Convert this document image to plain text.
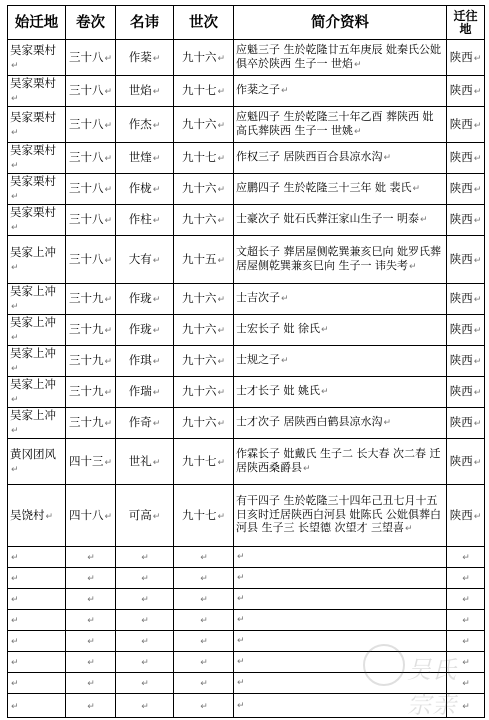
始迁地	卷次	名讳	世次	简介资料	迁往地
吴家栗村↵	三十八↵	作棻↵	九十六↵	应魁三子 生於乾隆廿五年庚辰 妣秦氏公妣俱卒於陕西 生子一 世焰↵	陕西↵
吴家栗村↵	三十八↵	世焰↵	九十七↵	作棻之子↵	陕西↵
吴家栗村↵	三十八↵	作杰↵	九十六↵	应魁四子 生於乾隆三十年乙酉 葬陕西 妣高氏葬陕西 生子一 世姚↵	陕西↵
吴家栗村↵	三十八↵	世煃↵	九十七↵	作权三子 居陕西百合县凉水沟↵	陕西↵
吴家栗村↵	三十八↵	作栊↵	九十六↵	应鹏四子 生於乾隆三十三年 妣 裴氏↵	陕西↵
吴家栗村↵	三十八↵	作柱↵	九十六↵	士豪次子 妣石氏葬汪家山生子一 明泰↵	陕西↵
吴家上冲↵	三十八↵	大有↵	九十五↵	文超长子 葬居屋侧乾巽兼亥巳向 妣罗氏葬居屋侧乾巽兼亥巳向 生子一 讳失考↵	陕西↵
吴家上冲↵	三十九↵	作珑↵	九十六↵	士吉次子↵	陕西↵
吴家上冲↵	三十九↵	作珑↵	九十六↵	士宏长子 妣 徐氏↵	陕西↵
吴家上冲↵	三十九↵	作琪↵	九十六↵	士规之子↵	陕西↵
吴家上冲↵	三十九↵	作瑞↵	九十六↵	士才长子 妣 姚氏↵	陕西↵
吴家上冲↵	三十九↵	作奇↵	九十六↵	士才次子 居陕西白鹤县凉水沟↵	陕西↵
黄冈团风↵	四十三↵	世礼↵	九十七↵	作霖长子 妣戴氏 生子二 长大春 次二春 迁居陕西桑爵县↵	陕西↵
吴饶村↵	四十八↵	可高↵	九十七↵	有干四子 生於乾隆三十四年己丑七月十五日亥时迁居陕西白河县 妣陈氏 公妣俱葬白河县 生子三 长望德 次望才 三望喜↵	陕西↵
↵	↵	↵	↵	↵	↵
↵	↵	↵	↵	↵	↵
↵	↵	↵	↵	↵	↵
↵	↵	↵	↵	↵	↵
↵	↵	↵	↵	↵	↵
↵	↵	↵	↵	↵	↵
↵	↵	↵	↵	↵	↵
↵	↵	↵	↵	↵	↵
吴氏宗亲
